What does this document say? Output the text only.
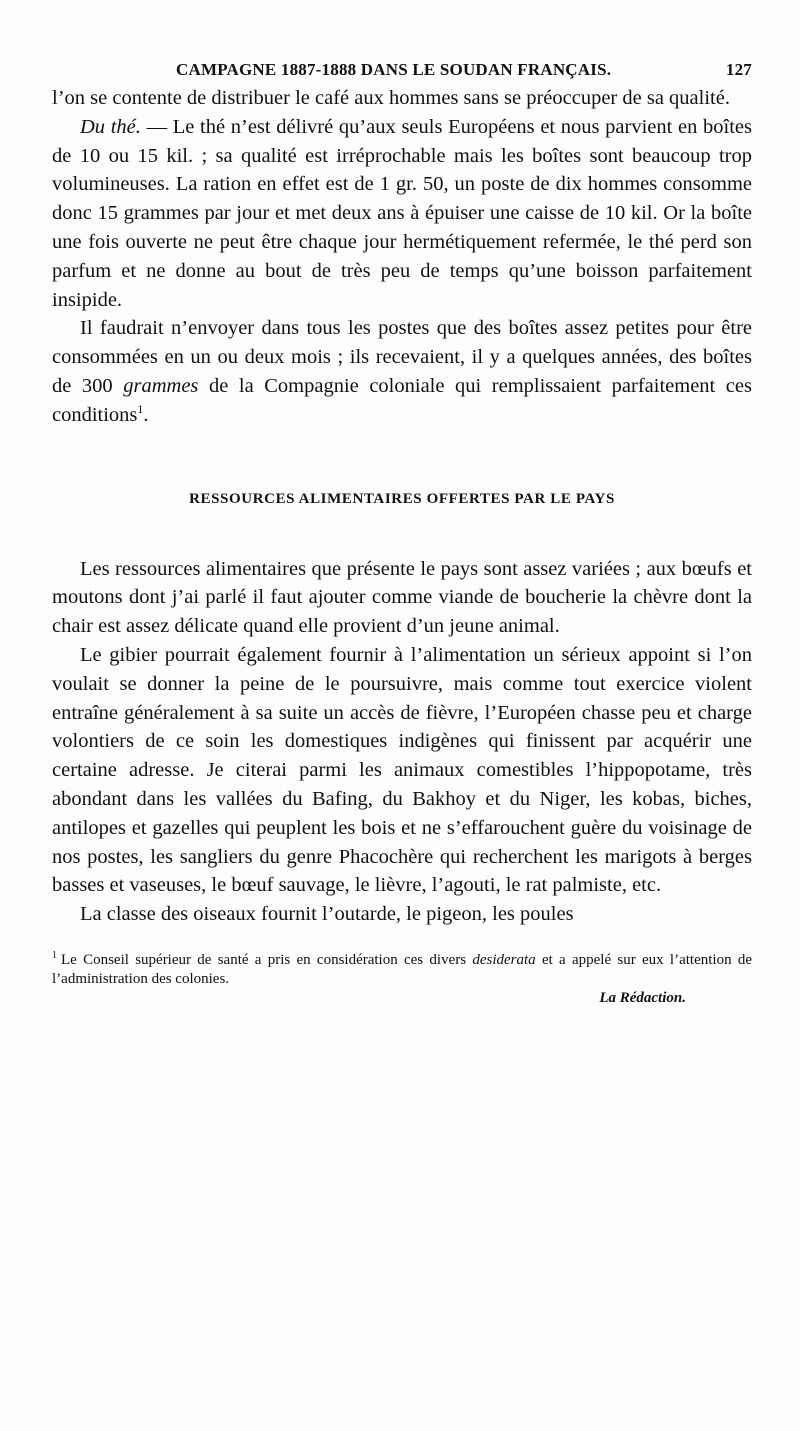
CAMPAGNE 1887-1888 DANS LE SOUDAN FRANÇAIS.	127

l’on se contente de distribuer le café aux hommes sans se préoccuper de sa qualité.

Du thé. — Le thé n’est délivré qu’aux seuls Européens et nous parvient en boîtes de 10 ou 15 kil. ; sa qualité est irréprochable mais les boîtes sont beaucoup trop volumineuses. La ration en effet est de 1 gr. 50, un poste de dix hommes consomme donc 15 grammes par jour et met deux ans à épuiser une caisse de 10 kil. Or la boîte une fois ouverte ne peut être chaque jour hermétiquement refermée, le thé perd son parfum et ne donne au bout de très peu de temps qu’une boisson parfaitement insipide.

Il faudrait n’envoyer dans tous les postes que des boîtes assez petites pour être consommées en un ou deux mois ; ils recevaient, il y a quelques années, des boîtes de 300 grammes de la Compagnie coloniale qui remplissaient parfaitement ces conditions$^1$.

RESSOURCES ALIMENTAIRES OFFERTES PAR LE PAYS

Les ressources alimentaires que présente le pays sont assez variées ; aux bœufs et moutons dont j’ai parlé il faut ajouter comme viande de boucherie la chèvre dont la chair est assez délicate quand elle provient d’un jeune animal.

Le gibier pourrait également fournir à l’alimentation un sérieux appoint si l’on voulait se donner la peine de le poursuivre, mais comme tout exercice violent entraîne généralement à sa suite un accès de fièvre, l’Européen chasse peu et charge volontiers de ce soin les domestiques indigènes qui finissent par acquérir une certaine adresse. Je citerai parmi les animaux comestibles l’hippopotame, très abondant dans les vallées du Bafing, du Bakhoy et du Niger, les kobas, biches, antilopes et gazelles qui peuplent les bois et ne s’effarouchent guère du voisinage de nos postes, les sangliers du genre Phacochère qui recherchent les marigots à berges basses et vaseuses, le bœuf sauvage, le lièvre, l’agouti, le rat palmiste, etc.

La classe des oiseaux fournit l’outarde, le pigeon, les poules

$^1$ Le Conseil supérieur de santé a pris en considération ces divers desiderata et a appelé sur eux l’attention de l’administration des colonies.

La Rédaction.
